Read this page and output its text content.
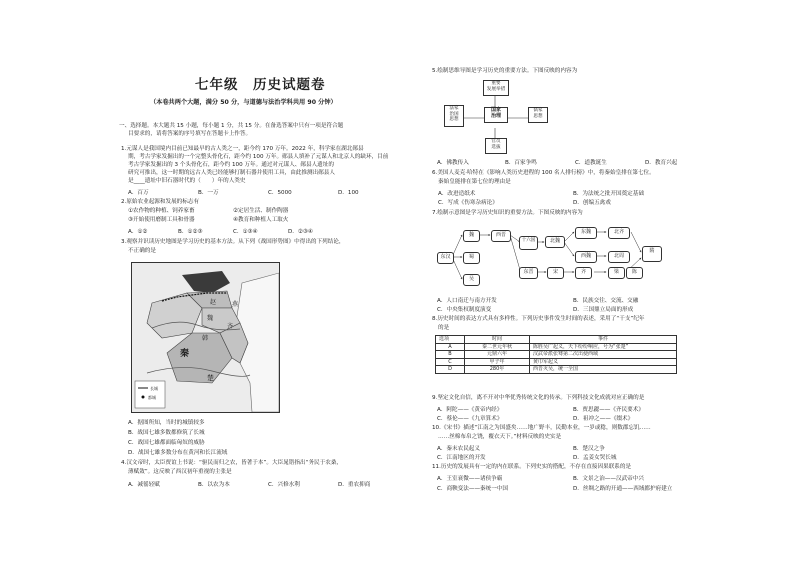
七年级　历史试题卷
（本卷共两个大题，满分 50 分，与道德与法治学科共用 90 分钟）
一、选择题。本大题共 15 小题，每小题 1 分，共 15 分。在备选答案中只有一项是符合题
目要求的，请将答案的序号填写在答题卡上作答。
1.元谋人是我国境内目前已知最早的古人类之一，距今约 170 万年。2022 年，科学家在湖北郧县
期，考古学家发掘出的一个完整头骨化石，距今约 100 万年。郧县人填补了元谋人和北京人的缺环，目前
考古学家发掘出的 3 个头骨化石，距今约 100 万年。通过对元谋人、郧县人遗址的
研究可推出，这一时期的远古人类已经能够打制石器并使用工具，由此推测出郧县人
是____遗址中旧石器时代的（　　）年的人类史
A．百万	B．一万	C．5000	D．100
2.原始农业起源和发展的标志有
①农作物的种植、饲养家畜	②定居生活、制作陶器
③开始使用磨制工具和骨器	④教育和种植人工取火
A．①②	B．①②③	C．①③④	D．②③④
3.观察并识读历史地图是学习历史的基本方法。从下列《战国形势图》中得出的下列结论，
不正确的是
秦
楚
齐
魏
赵
韩
燕
长城
都城
A．据图所知，当时的城镇较多
B．战国七雄多数都修筑了长城
C．战国七雄都面临匈奴的威胁
D．战国七雄多数分布在黄河和长江流域
4.汉文帝时，太臣贾谊上书说：“驱民而归之农，皆著于本”。大臣晁错指出“务民于农桑，
薄赋敛”。这反映了西汉初年重视的主张是
A．减徭轻赋	B．以农为本	C．兴修水利	D．重农抑商
5.绘制思维导图是学习历史的重要方法。下图反映的内容为
重要
发展举措
法家
治国
思想
国家
治理
儒家
思想
官员
选拔
A．佛教传入	B．百家争鸣	C．道教诞生	D．教育兴起
6.美国人麦克·哈特在《影响人类历史进程的 100 名人排行榜》中，将秦始皇排在第七位。
秦始皇能排在第七位的理由是
A．改进造纸术	B．为法统之批开国奠定基础
C．写成《伤寒杂病论》	D．创编五禽戏
7.绘制示意图是学习历史知识的重要方法。下图反映的内容为
东汉
魏
蜀
吴
西晋
十六国	北魏
东魏
西魏
北齐
北周
东晋	宋	齐	梁	陈
隋
A．人口南迁与南方开发	B．民族交往、交流、交融
C．中央集权制度演变	D．三国鼎立局面的形成
8.历史时间的表达方式具有多样性。下列历史事件发生时间的表述，采用了“干支”纪年
的是
选项	时间	事件
A	秦二世元年秋	陈胜吴广起义，天下纷纷响应，号为“张楚”
B	元鼎六年	汉武帝派张骞第二次出使西域
C	甲子年	黄巾军起义
D	280年	西晋灭吴，统一全国
9.坚定文化自信，离不开对中华优秀传统文化的传承。下列科技文化成就对应正确的是
A．阿陀——《黄帝内经》	B．贾思勰——《齐民要术》
C．蔡伦——《九章算术》	D．祖冲之——《缀术》
10.《宋书》描述“江南之为国盛矣……地广野丰，民勤本业，一岁或稔，则数郡忘饥……
……丝棉布帛之饶，覆衣天下。”材料反映的史实是
A．秦末农民起义	B．楚汉之争
C．江南地区的开发	D．孟姜女哭长城
11.历史的发展具有一定的内在联系。下列史实的搭配，不存在直接因果联系的是
A．王室衰微——诸侯争霸	B．文景之治——汉武帝中兴
C．商鞅变法——秦统一中国	D．丝绸之路的开通——西域都护府建立
